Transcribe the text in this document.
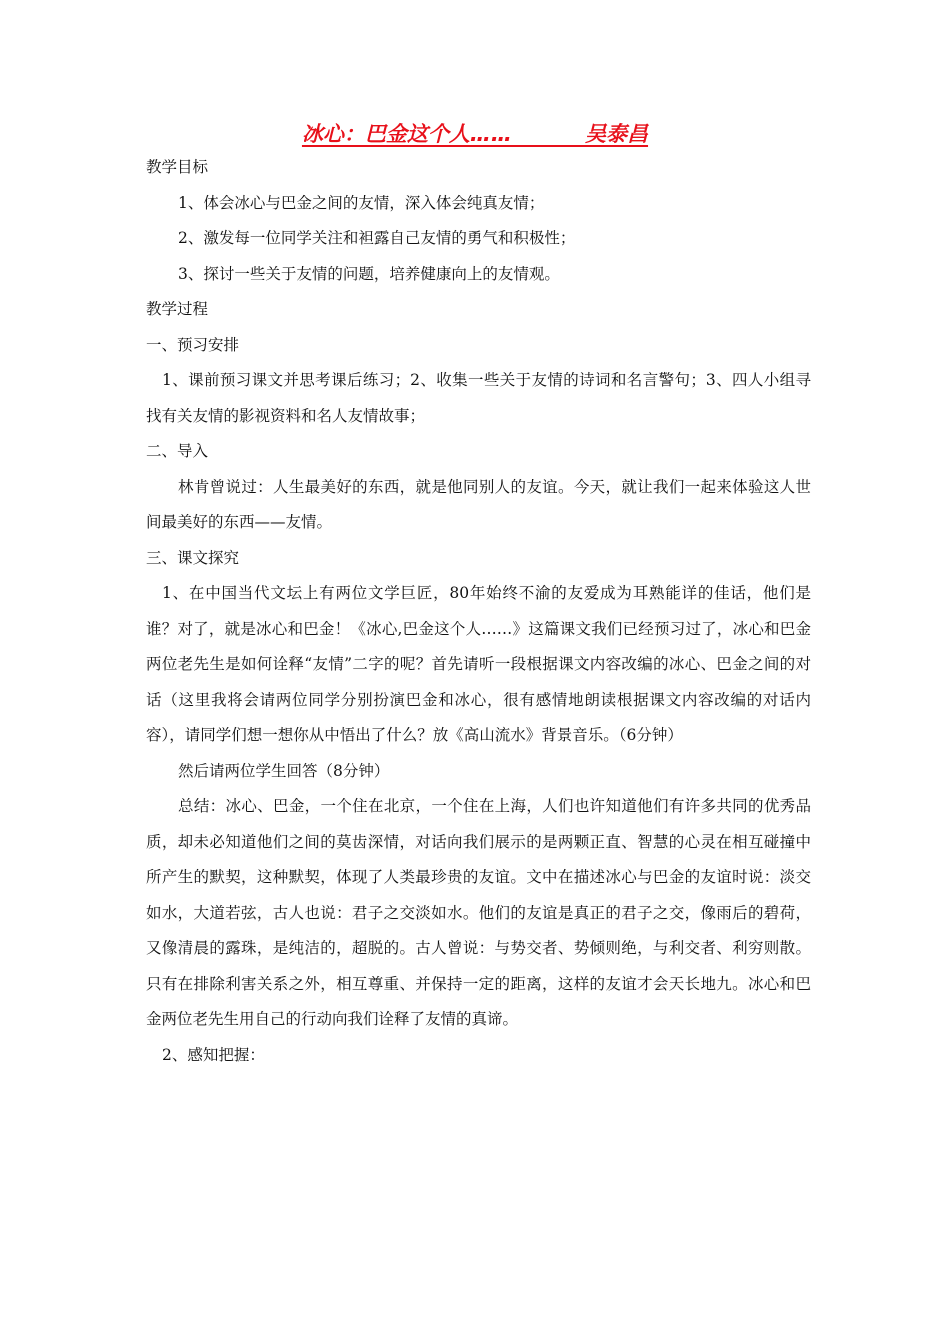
冰心：巴金这个人……          吴泰昌

教学目标

1、体会冰心与巴金之间的友情，深入体会纯真友情；

2、激发每一位同学关注和袒露自己友情的勇气和积极性；

3、探讨一些关于友情的问题，培养健康向上的友情观。

教学过程

一、预习安排

1、课前预习课文并思考课后练习；2、收集一些关于友情的诗词和名言警句；3、四人小组寻找有关友情的影视资料和名人友情故事；

二、导入

林肯曾说过：人生最美好的东西，就是他同别人的友谊。今天，就让我们一起来体验这人世间最美好的东西——友情。

三、课文探究

1、在中国当代文坛上有两位文学巨匠，80年始终不渝的友爱成为耳熟能详的佳话，他们是谁？对了，就是冰心和巴金！《冰心,巴金这个人……》这篇课文我们已经预习过了，冰心和巴金两位老先生是如何诠释“友情”二字的呢？首先请听一段根据课文内容改编的冰心、巴金之间的对话（这里我将会请两位同学分别扮演巴金和冰心，很有感情地朗读根据课文内容改编的对话内容），请同学们想一想你从中悟出了什么？放《高山流水》背景音乐。（6分钟）

然后请两位学生回答（8分钟）

总结：冰心、巴金，一个住在北京，一个住在上海，人们也许知道他们有许多共同的优秀品质，却未必知道他们之间的莫齿深情，对话向我们展示的是两颗正直、智慧的心灵在相互碰撞中所产生的默契，这种默契，体现了人类最珍贵的友谊。文中在描述冰心与巴金的友谊时说：淡交如水，大道若弦，古人也说：君子之交淡如水。他们的友谊是真正的君子之交，像雨后的碧荷，又像清晨的露珠，是纯洁的，超脱的。古人曾说：与势交者、势倾则绝，与利交者、利穷则散。只有在排除利害关系之外，相互尊重、并保持一定的距离，这样的友谊才会天长地九。冰心和巴金两位老先生用自己的行动向我们诠释了友情的真谛。

2、感知把握：
